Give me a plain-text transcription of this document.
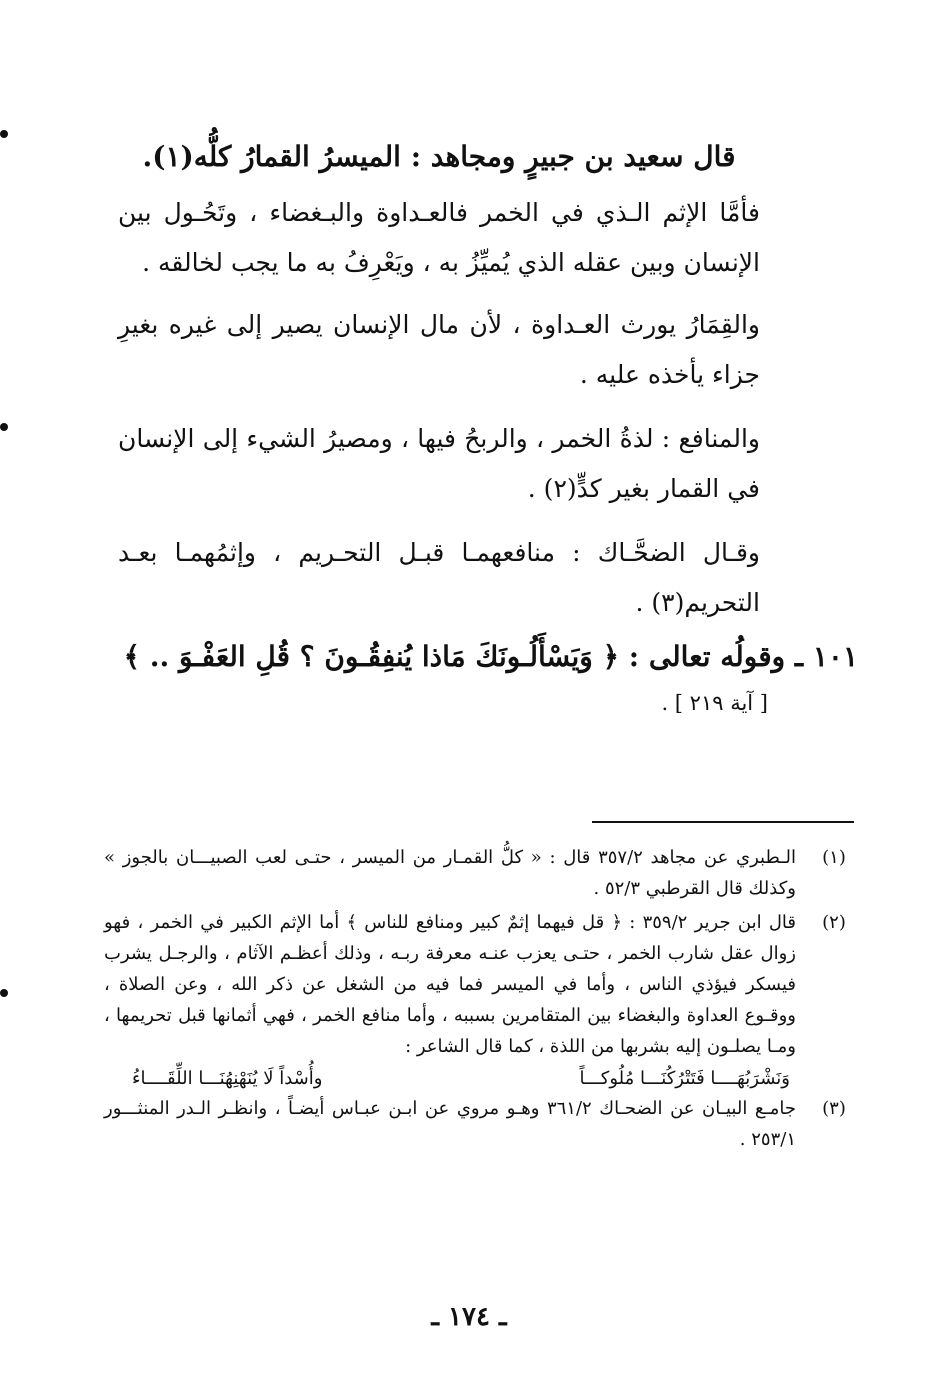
قال سعيد بن جبيرٍ ومجاهد : الميسرُ القمارُ كلُّه(١).
فأمَّا الإثم الـذي في الخمر فالعـداوة والبـغضاء ، وتَحُـول بين الإنسان وبين عقله الذي يُميِّزُ به ، ويَعْرِفُ به ما يجب لخالقه .
والقِمَارُ يورث العـداوة ، لأن مال الإنسان يصير إلى غيره بغيرِ جزاء يأخذه عليه .
والمنافع : لذةُ الخمر ، والربحُ فيها ، ومصيرُ الشيء إلى الإنسان في القمار بغير كدٍّ(٢) .
وقـال الضحَّـاك : منافعهمـا قبـل التحـريم ، وإثمُهمـا بعـد التحريم(٣) .
١٠١ ـ وقولُه تعالى : ﴿ وَيَسْأَلُـونَكَ مَاذا يُنفِقُـونَ ؟ قُلِ العَفْـوَ .. ﴾
[ آية ٢١٩ ] .
(١)
الـطبري عن مجاهد ٣٥٧/٢ قال : « كلُّ القمـار من الميسر ، حتـى لعب الصبيـــان بالجوز » وكذلك قال القرطبي ٥٢/٣ .
(٢)
قال ابن جرير ٣٥٩/٢ : ﴿ قل فيهما إثمٌ كبير ومنافع للناس ﴾ أما الإثم الكبير في الخمر ، فهو زوال عقل شارب الخمر ، حتـى يعزب عنـه معرفة ربـه ، وذلك أعظـم الآثام ، والرجـل يشرب فيسكر فيؤذي الناس ، وأما في الميسر فما فيه من الشغل عن ذكر الله ، وعن الصلاة ، ووقـوع العداوة والبغضاء بين المتقامرين بسببه ، وأما منافع الخمر ، فهي أثمانها قبل تحريمها ، ومـا يصلـون إليه بشربها من اللذة ، كما قال الشاعر :
وَنَشْرَبُهَــــا فَتَتْرُكُنَـــا مُلُوكـــاً
وأُسْداً لَا يُنَهْنِهُنَـــا اللِّقَــــاءُ
(٣)
جامـع البيـان عن الضحـاك ٣٦١/٢ وهـو مروي عن ابـن عبـاس أيضـاً ، وانظـر الـدر المنثـــور ٢٥٣/١ .
ـ ١٧٤ ـ
